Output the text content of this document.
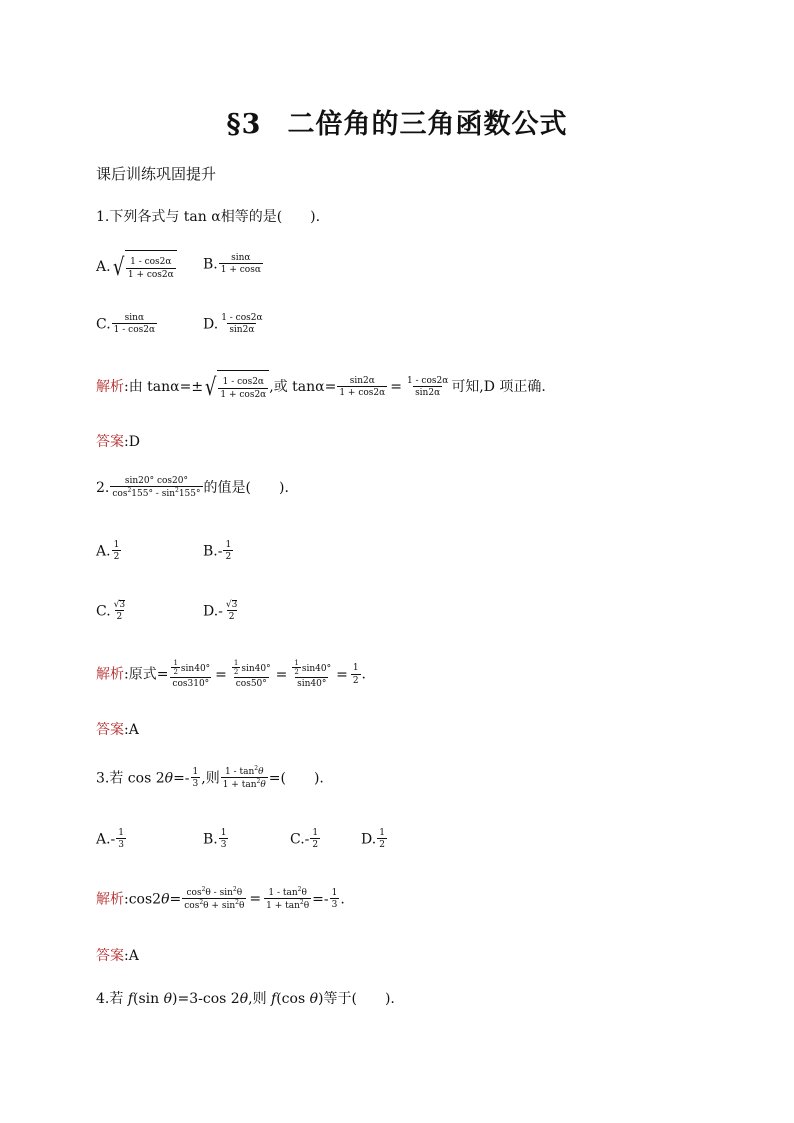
§3 二倍角的三角函数公式
课后训练巩固提升
1.下列各式与 tan α相等的是(　　).
A. √ $\frac{1 - \cos 2\alpha}{1 + \cos 2\alpha} B$. $\frac{\sin\alpha}{1 + \cos\alpha}$
C. $\frac{\sin\alpha}{1 - \cos 2\alpha}$	D. $\frac{1 - \cos 2\alpha}{\sin 2\alpha}$
解析:由 tanα=± √ $\frac{1 - \cos 2\alpha}{1 + \cos 2\alpha}$ ,或 $\tan\alpha= \frac{\sin 2\alpha}{1 + \cos 2\alpha} = \frac{1 - \cos 2\alpha}{\sin 2\alpha}$ 可知,D 项正确.
答案:D
2. $\frac{\sin 20^\circ \cos 20^\circ}{\cos^2155^\circ - \sin^2155^\circ}$ 的值是(　　).
A. $\frac{1}{2}$	$B.- \frac{1}{2}$
C. $\frac{√ 3}{2}$	$D.- \frac{√ 3}{2}$
解析:原式= $\frac{\frac{1}{2} \sin 40^\circ}{\cos 310^\circ} = \frac{\frac{1}{2} \sin 40^\circ}{\cos 50^\circ} = \frac{\frac{1}{2} \sin 40^\circ}{\sin 40^\circ} = \frac{1}{2}$ .
答案:A
3.若 $\cos 2\theta=- \frac{1}{3}$ ,则 $\frac{1 - \tan^2\theta}{1 + \tan^2\theta}$ =(　　).
$A.- \frac{1}{3}$	B. $\frac{1}{3}$	$C.- \frac{1}{2}$	D. $\frac{1}{2}$
解析:cos2θ= $\frac{\cos^2\theta - \sin^2\theta}{\cos^2\theta + \sin^2\theta} = \frac{1 - \tan^2\theta}{1 + \tan^2\theta} =- \frac{1}{3}$ .
答案:A
4.若 f(sin θ)=3-cos 2θ,则 f(cos θ)等于(　　).
